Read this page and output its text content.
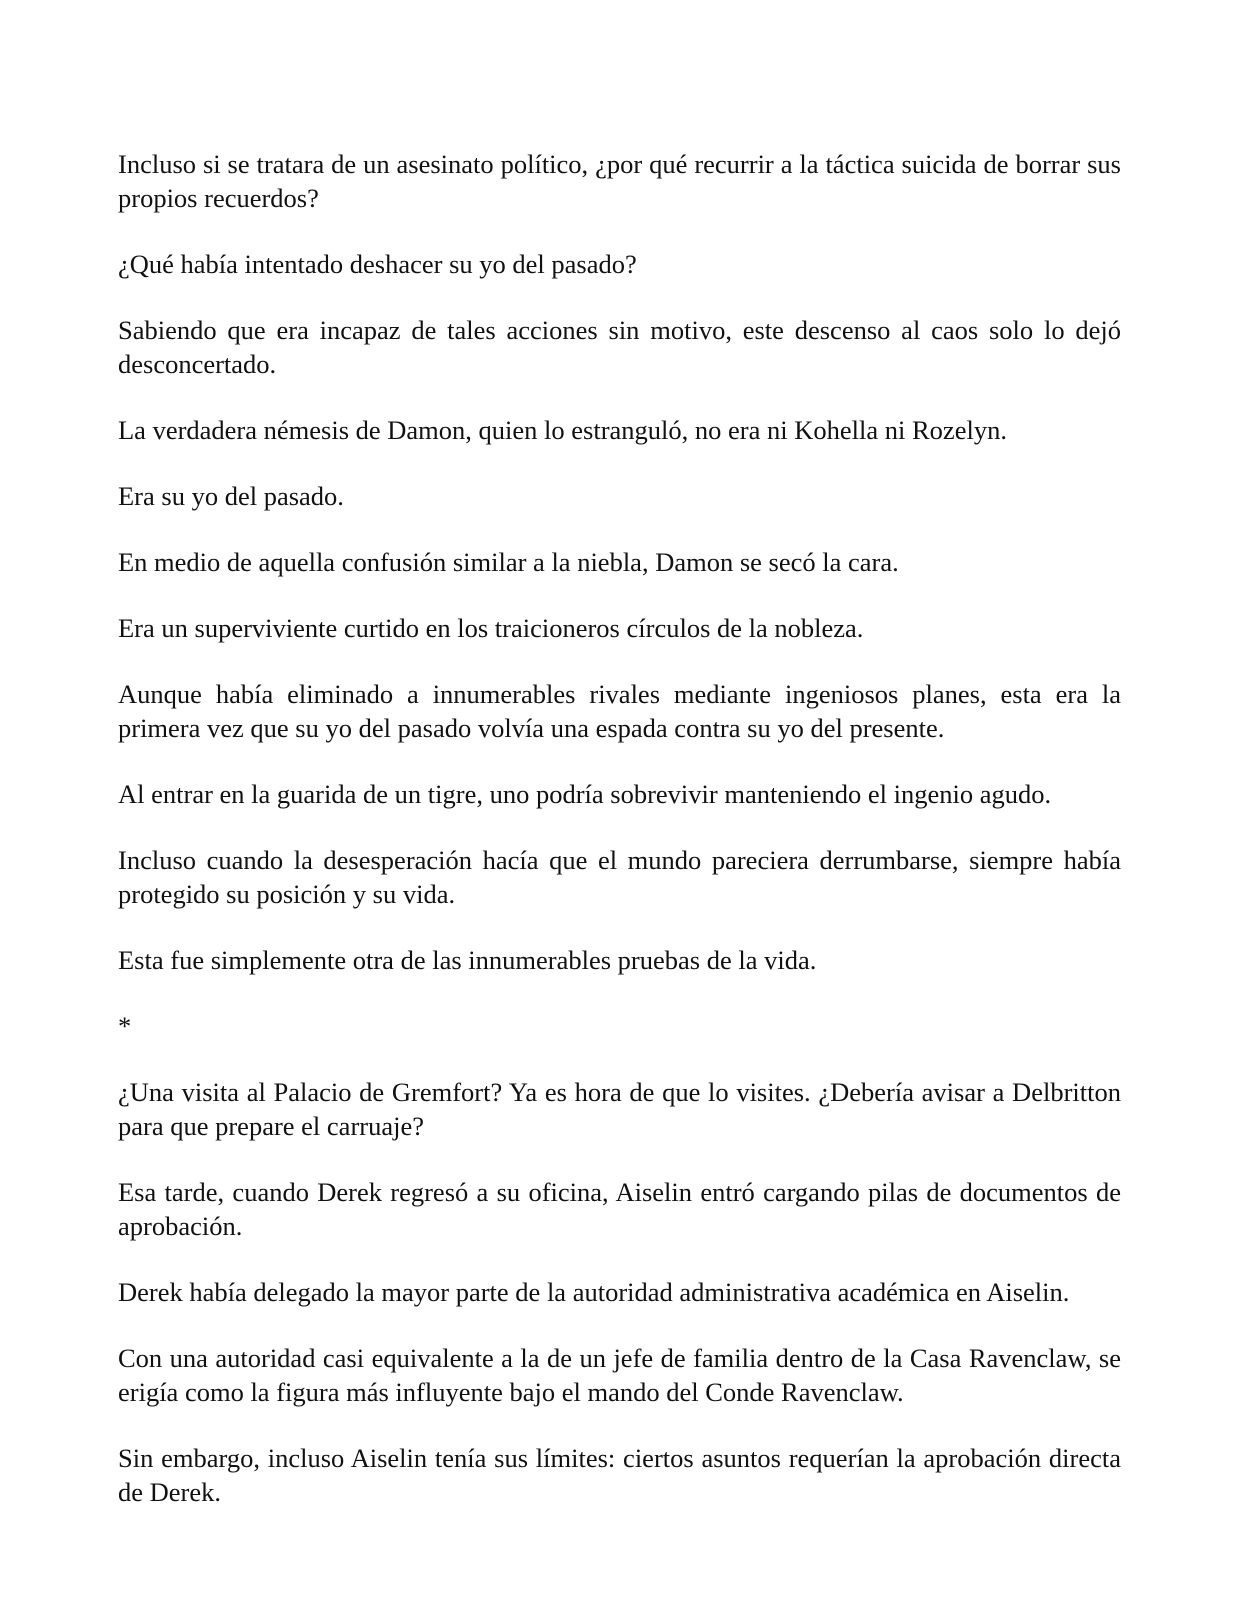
Incluso si se tratara de un asesinato político, ¿por qué recurrir a la táctica suicida de borrar sus propios recuerdos?

¿Qué había intentado deshacer su yo del pasado?

Sabiendo que era incapaz de tales acciones sin motivo, este descenso al caos solo lo dejó desconcertado.

La verdadera némesis de Damon, quien lo estranguló, no era ni Kohella ni Rozelyn.

Era su yo del pasado.

En medio de aquella confusión similar a la niebla, Damon se secó la cara.

Era un superviviente curtido en los traicioneros círculos de la nobleza.

Aunque había eliminado a innumerables rivales mediante ingeniosos planes, esta era la primera vez que su yo del pasado volvía una espada contra su yo del presente.

Al entrar en la guarida de un tigre, uno podría sobrevivir manteniendo el ingenio agudo.

Incluso cuando la desesperación hacía que el mundo pareciera derrumbarse, siempre había protegido su posición y su vida.

Esta fue simplemente otra de las innumerables pruebas de la vida.

*

¿Una visita al Palacio de Gremfort? Ya es hora de que lo visites. ¿Debería avisar a Delbritton para que prepare el carruaje?

Esa tarde, cuando Derek regresó a su oficina, Aiselin entró cargando pilas de documentos de aprobación.

Derek había delegado la mayor parte de la autoridad administrativa académica en Aiselin.

Con una autoridad casi equivalente a la de un jefe de familia dentro de la Casa Ravenclaw, se erigía como la figura más influyente bajo el mando del Conde Ravenclaw.

Sin embargo, incluso Aiselin tenía sus límites: ciertos asuntos requerían la aprobación directa de Derek.
